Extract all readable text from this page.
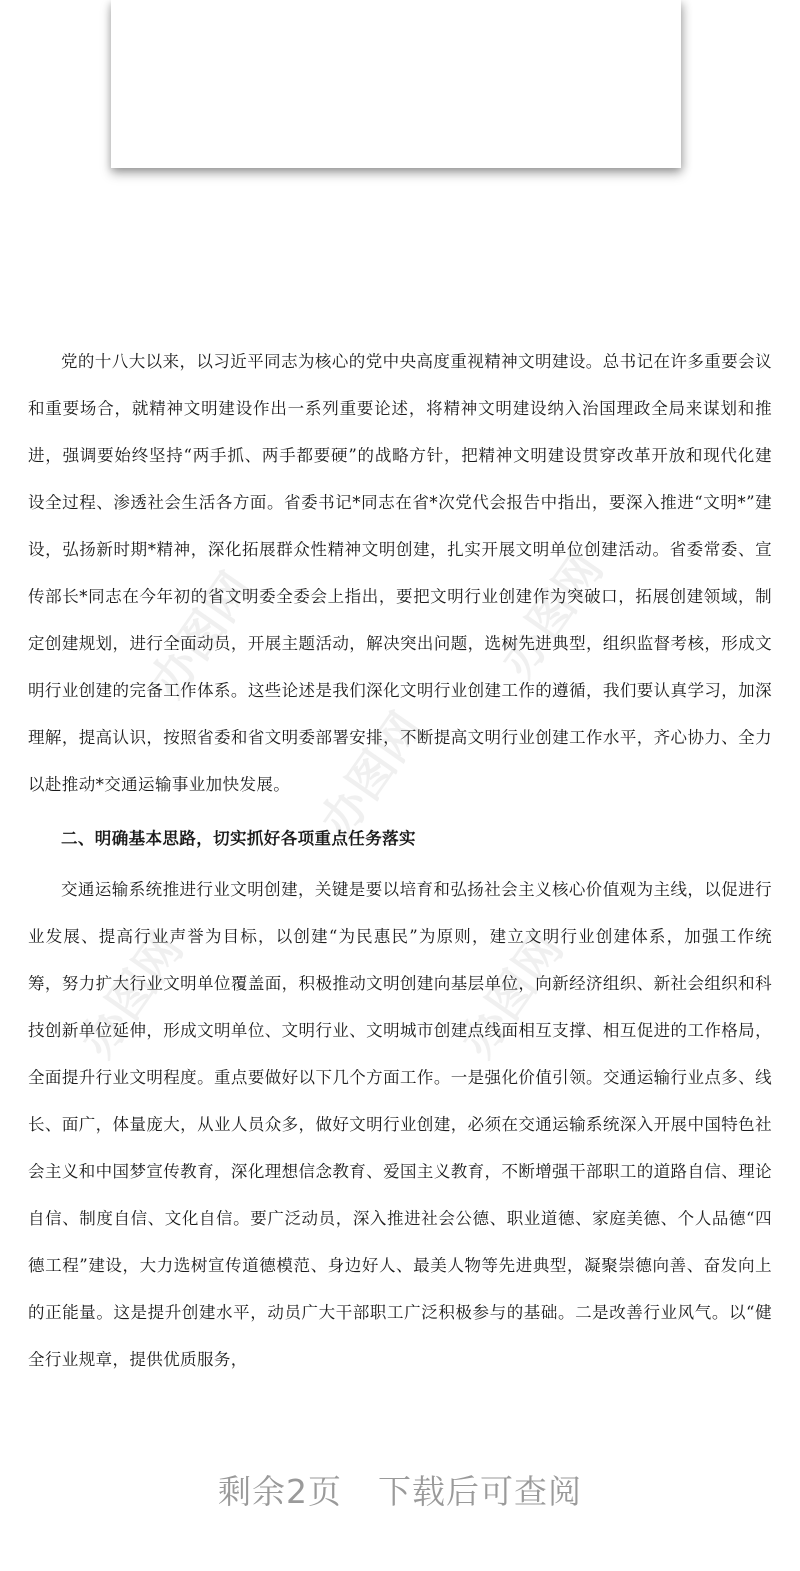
办图网	办图网
办图网
办图网	办图网

党的十八大以来，以习近平同志为核心的党中央高度重视精神文明建设。总书记在许多重要会议和重要场合，就精神文明建设作出一系列重要论述，将精神文明建设纳入治国理政全局来谋划和推进，强调要始终坚持“两手抓、两手都要硬”的战略方针，把精神文明建设贯穿改革开放和现代化建设全过程、渗透社会生活各方面。省委书记*同志在省*次党代会报告中指出，要深入推进“文明*”建设，弘扬新时期*精神，深化拓展群众性精神文明创建，扎实开展文明单位创建活动。省委常委、宣传部长*同志在今年初的省文明委全委会上指出，要把文明行业创建作为突破口，拓展创建领域，制定创建规划，进行全面动员，开展主题活动，解决突出问题，选树先进典型，组织监督考核，形成文明行业创建的完备工作体系。这些论述是我们深化文明行业创建工作的遵循，我们要认真学习，加深理解，提高认识，按照省委和省文明委部署安排，不断提高文明行业创建工作水平，齐心协力、全力以赴推动*交通运输事业加快发展。

二、明确基本思路，切实抓好各项重点任务落实

交通运输系统推进行业文明创建，关键是要以培育和弘扬社会主义核心价值观为主线，以促进行业发展、提高行业声誉为目标，以创建“为民惠民”为原则，建立文明行业创建体系，加强工作统筹，努力扩大行业文明单位覆盖面，积极推动文明创建向基层单位，向新经济组织、新社会组织和科技创新单位延伸，形成文明单位、文明行业、文明城市创建点线面相互支撑、相互促进的工作格局，全面提升行业文明程度。重点要做好以下几个方面工作。一是强化价值引领。交通运输行业点多、线长、面广，体量庞大，从业人员众多，做好文明行业创建，必须在交通运输系统深入开展中国特色社会主义和中国梦宣传教育，深化理想信念教育、爱国主义教育，不断增强干部职工的道路自信、理论自信、制度自信、文化自信。要广泛动员，深入推进社会公德、职业道德、家庭美德、个人品德“四德工程”建设，大力选树宣传道德模范、身边好人、最美人物等先进典型，凝聚崇德向善、奋发向上的正能量。这是提升创建水平，动员广大干部职工广泛积极参与的基础。二是改善行业风气。以“健全行业规章，提供优质服务，

剩余2页 下载后可查阅
